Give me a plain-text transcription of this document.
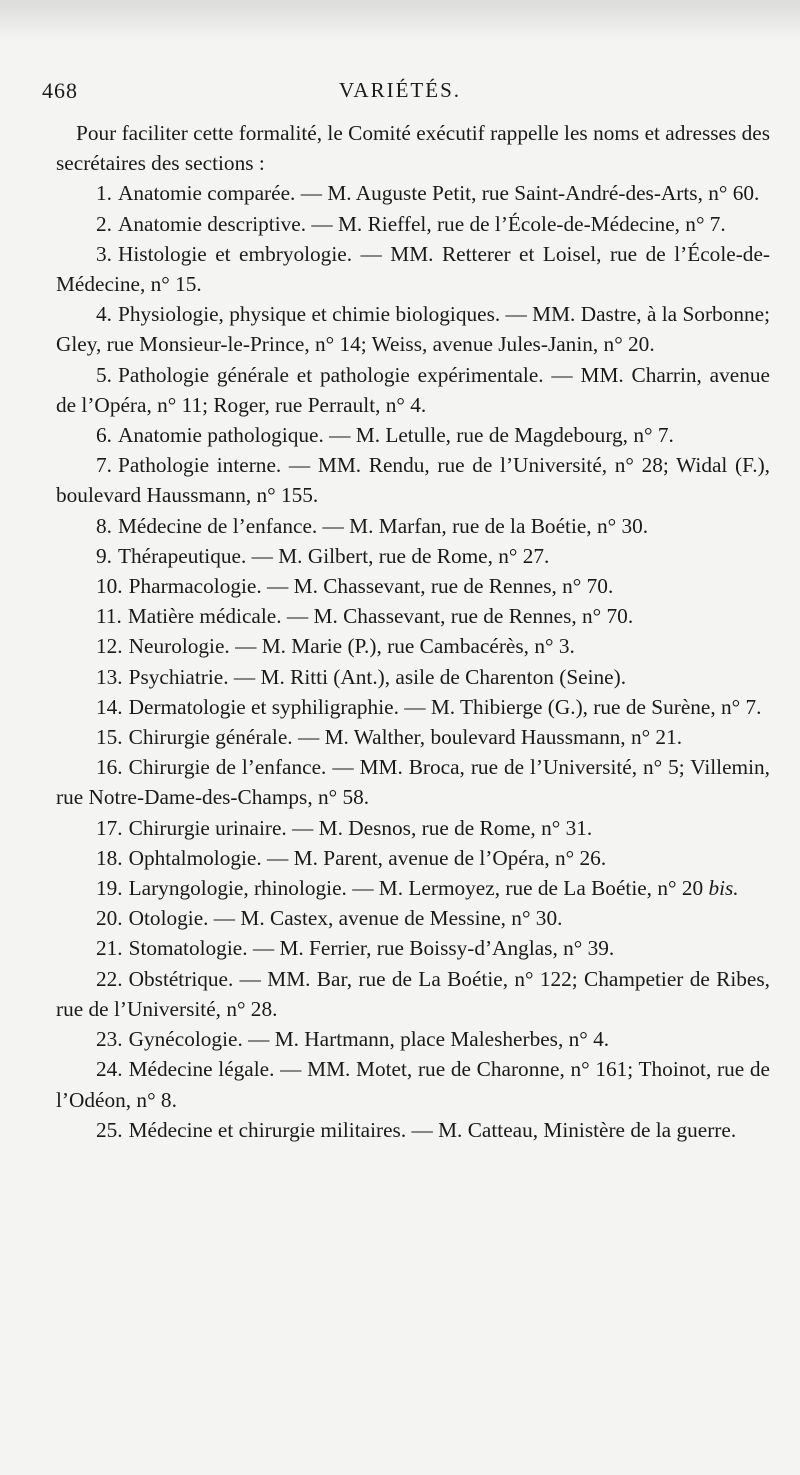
468	VARIÉTÉS.

Pour faciliter cette formalité, le Comité exécutif rappelle les noms et adresses des secrétaires des sections :

1. Anatomie comparée. — M. Auguste Petit, rue Saint-André-des-Arts, n° 60.

2. Anatomie descriptive. — M. Rieffel, rue de l’École-de-Médecine, n° 7.

3. Histologie et embryologie. — MM. Retterer et Loisel, rue de l’École-de-Médecine, n° 15.

4. Physiologie, physique et chimie biologiques. — MM. Dastre, à la Sorbonne; Gley, rue Monsieur-le-Prince, n° 14; Weiss, avenue Jules-Janin, n° 20.

5. Pathologie générale et pathologie expérimentale. — MM. Charrin, avenue de l’Opéra, n° 11; Roger, rue Perrault, n° 4.

6. Anatomie pathologique. — M. Letulle, rue de Magdebourg, n° 7.

7. Pathologie interne. — MM. Rendu, rue de l’Université, n° 28; Widal (F.), boulevard Haussmann, n° 155.

8. Médecine de l’enfance. — M. Marfan, rue de la Boétie, n° 30.

9. Thérapeutique. — M. Gilbert, rue de Rome, n° 27.

10. Pharmacologie. — M. Chassevant, rue de Rennes, n° 70.

11. Matière médicale. — M. Chassevant, rue de Rennes, n° 70.

12. Neurologie. — M. Marie (P.), rue Cambacérès, n° 3.

13. Psychiatrie. — M. Ritti (Ant.), asile de Charenton (Seine).

14. Dermatologie et syphiligraphie. — M. Thibierge (G.), rue de Surène, n° 7.

15. Chirurgie générale. — M. Walther, boulevard Haussmann, n° 21.

16. Chirurgie de l’enfance. — MM. Broca, rue de l’Université, n° 5; Villemin, rue Notre-Dame-des-Champs, n° 58.

17. Chirurgie urinaire. — M. Desnos, rue de Rome, n° 31.

18. Ophtalmologie. — M. Parent, avenue de l’Opéra, n° 26.

19. Laryngologie, rhinologie. — M. Lermoyez, rue de La Boétie, n° 20 bis.

20. Otologie. — M. Castex, avenue de Messine, n° 30.

21. Stomatologie. — M. Ferrier, rue Boissy-d’Anglas, n° 39.

22. Obstétrique. — MM. Bar, rue de La Boétie, n° 122; Champetier de Ribes, rue de l’Université, n° 28.

23. Gynécologie. — M. Hartmann, place Malesherbes, n° 4.

24. Médecine légale. — MM. Motet, rue de Charonne, n° 161; Thoinot, rue de l’Odéon, n° 8.

25. Médecine et chirurgie militaires. — M. Catteau, Ministère de la guerre.
